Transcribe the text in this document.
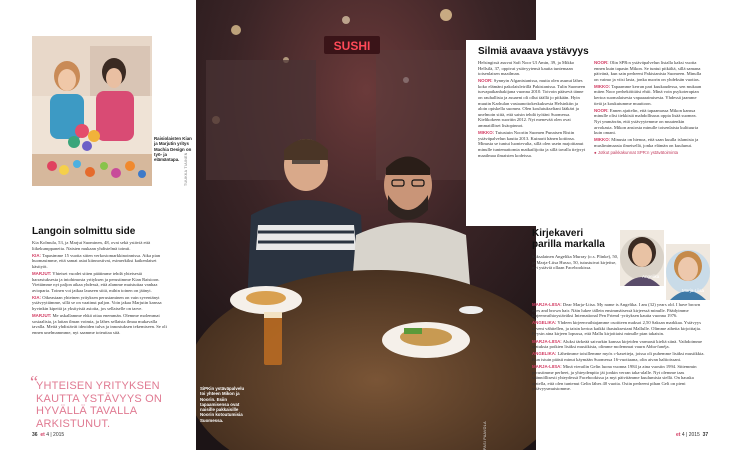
Raisiolaisten Kian ja Marjutin yritys Machia Design on työ- ja elämäntapa.	TUUKKA TIAINEN
Langoin solmittu side

Kia Kolmula, 53, ja Marjut Suominen, 48, ovat sekä ystäviä että liikekumppaneita. Naisten mukaan yhdistelmä toimii.

KIA: Tapasimme 15 vuotta sitten verkostomarkkinoinnissa. Aika pian huomasimme, että samat asiat kiinnostivat, esimerkiksi kaikenlaiset käsityöt.

MARJUT: Yhteiset vuodet sitten päätimme tehdä yhteisestä harrastuksesta ja intohimosta yrityksen ja perustimme Kian Raisioon. Viettämme nyt paljon aikaa yhdessä, että alamme muistuttaa vanhaa avioparia. Toinen voi jatkaa lauseen siitä, mihin toinen on jäänyt.

KIA: Oikeastaan yhteinen yrityksen perustaminen on vain syventänyt ystävyyttämme, sillä se on vaatinut paljon. Voin jakaa Marjutin kanssa hyvinkin kipeitä ja yksityisiä asioita, jos sellaiselle on tarve.

MARJUT: Me uskallamme ehkä ottaa enemmän. Olemme molemmat sosiaalisia, ja laitan ilman voimia, ja lähes sellaista ilmaa mukavalla tavalla. Meitä yhdistävät ideoiden tulva ja innostuksen tekemiseen. Se oli ennen unelmammme, nyt saamme toteuttaa sitä.

“
YHTEISEN YRITYKSEN KAUTTA YSTÄVYYS ON HYVÄLLÄ TAVALLA ARKISTUNUT.
36 et 4 | 2015
SUSHI
SiPKin ystäväpalvelu toi yhteen Mikon ja Noorin. Esiin tapaamisensa ovat naisille pakkaisille Noorin kotoutumisia Suomessa.
PASI PAAVOLA
Silmiä avaava ystävyys

Helsingissä asuvat Safi Noor Ul Amin, 39, ja Mikko Hellsilä, 37, oppivat ystävyytensä kautta tuntemaan toisenlaisen maailman.

NOOR: Synnyin Afganistanissa, mutta olen asunut lähes koko elämäni pakolaisleirillä Pakistanissa. Tulin Suomeen turvapaikanhakijana vuonna 2010. Toivoin pääsevä tänne on rauhallista ja asuaeni oli ollut täällä jo pitkään. Hyin muutin Karhulan vastaanottokeskuksesta Helsinkiin ja aloin opiskella suomea. Olen koulutukseltani lääkäri ja unelmoin siitä, että saisin tehdä työtäni Suomessa. Kielikokeen suoritin 2012. Nyt menevää olen ovat ammatilliset lisäopinnot.

MIKKO: Tutustuin Nooriin Suomen Punaisen Ristin ystäväpalvelun kautta 2013. Kuinarit hänen kotiinsa. Minusta se tuntui luontevalta, sillä olen usein majoittanut minulle tuntemattomia matkailijoita ja sillä tavalla tiejyryt maailmaa ilmaisten kodeissa.

NOOR: Olin SPR:n ystäväpalvelun listalla kaksi vuotta ennen kuin tapasin Mikon. Se tuntui pitkältä, sillä samana päivänä, kun sain perheeni Pakistanista Suomeen. Minulla on vaimo ja viisi lasta, jonka nuorin on yhdeksän vuotias.

MIKKO: Tapaamme kerran pari kuukaudessa, sen mukaan miten Noor perheköittäisi ehtii. Minä voin psykoterapian kertoa suomalaisesta vapaaaaimisesta. Yhdessä jaamme tietä ja koukutumme muuttoon.

NOOR: Ennen ajattelin, että tapaamassa Mikon kanssa minulle olisi tiekkistä mahdollisuus oppia lisää suomea. Nyt ymmärrän, että ystävyytemme on muutenkin arvokasta. Mikon ansiosta minulle toisenlaista kulttuuria kuin omani.

MIKKO: Minusta on hienoa, että saan kuulla islamista ja muslimimaasta ilmeisellä, jonka elämän on kuulunut.

● Jotkut paikkakunnat SPR:n ystävätoiminta
Kirjekaveri parilla markalla
Angelika
Marja-Liisa

Saksalainen Angelika Murray (o.s. Plinke), 50, ja Marja-Liisa Husso, 50, tutustuivat kirjeitse, nyt ystäviä ollaan Facebookissa.

MARJA-LIISA: Dear Marja-Liisa. My name is Angelika. I am (32) years old. I have brown eyes and brown hair. Näin lukee tällein ensimmäisessä kirjeessä minulle. Päädyimme kirjeenvaihtoystäväksi International Pen Friend -yrityksen kautta vuonna 1976.

ANGELIKA: Yhdeen kirjeenvaihtajamme osoitteen maksoi 2,50 Saksan markkaa. Ystävyys syveni vähitellen, ja taisin kertoa kaikki ihastuksestani Mallulle. Olimme aiheita kirjoittajia. Pyysin aina kirjeen lopussa, että Mallu kirjoittaisi minulle pian takaisin.

MARJA-LIISA: Aluksi tärkeää saivarkin kanssa kirjeiden varmasti kieltä siinä. Vaihdoimme ajatuksia poikien lisäksi musiikista, olimme molemmat vaurn Abba-fanéja.

ANGELIKA: Lähetimme toisillemme myös c-kasetteja, joissa oli puhemme lisäksi musiikkia. Kun istuin päästi minut käymään Suomessa 16-vuotiaana, olin aivan haltioissani.

MARJA-LIISA: Minä vierailin Gelin luona vuonna 1984 ja aina vuosiin 1994. Sittemmin perustimme perheet, ja yhteydenpito jäi jonkin verran taka-alalle. Nyt olemme taas säännöllisesti yhteydessä Facebookissa ja myt päivitämme kuulumisia siellä. On hauska ajatella, että olen tuntenut Gelin lähes 40 vuotta. Ostin perheeni pihan Geli on pieni ystävyysmuistomme.

et 4 | 2015 37
